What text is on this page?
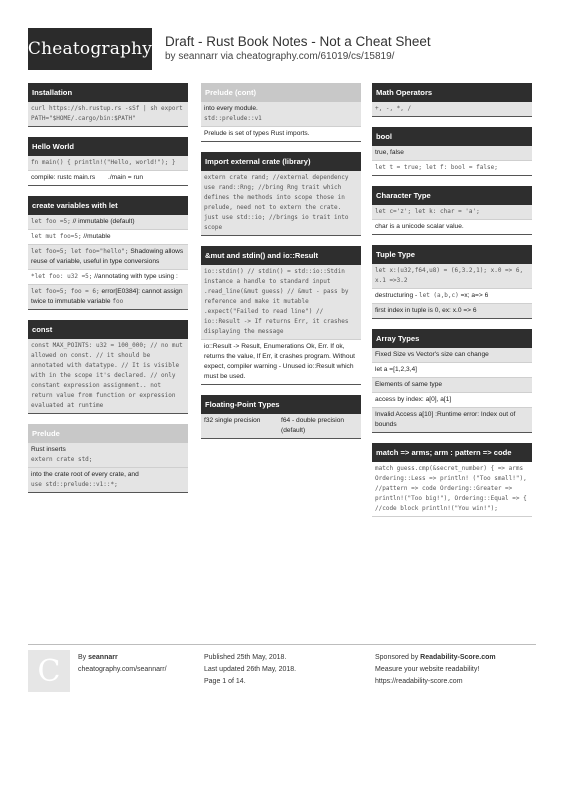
Cheatography Draft - Rust Book Notes - Not a Cheat Sheet
by seannarr via cheatography.com/61019/cs/15819/
Installation
curl https://sh.rustup.rs -sSf | sh export PATH="$HOME/.cargo/bin:$PATH"
Hello World
fn main() { println!("Hello, world!"); }
compile: rustc main.rs	./main = run
create variables with let
let foo =5; // immutable (default)
let mut foo=5; //mutable
let foo=5; let foo="hello"; Shadowing allows reuse of variable, useful in type conversions
*let foo: u32 =5; //annotating with type using :
let foo=5; foo = 6; error[E0384]: cannot assign twice to immutable variable foo
const
const MAX_POINTS: u32 = 100_000; // no mut allowed on const. // it should be annotated with datatype. // It is visible with in the scope it's declared. // only constant expression assignment.. not return value from function or expression evaluated at runtime
Prelude
Rust inserts
extern crate std;
into the crate root of every crate, and
use std::prelude::v1::*;
Prelude (cont)
into every module.
std::prelude::v1
Prelude is set of types Rust imports.
Import external crate (library)
extern crate rand; //external dependency use rand::Rng; //bring Rng trait which defines the methods into scope those in prelude, need not to extern the crate. just use std::io; //brings io trait into scope
&mut and stdin() and io::Result
io::stdin() // stdin() = std::io::Stdin instance a handle to standard input .read_line(&mut guess) // &mut - pass by reference and make it mutable .expect("Failed to read line") // io::Result -> If returns Err, it crashes displaying the message
io::Result -> Result, Enumerations Ok, Err. If ok, returns the value, If Err, it crashes program. Without expect, compiler warning - Unused io::Result which must be used.
Floating-Point Types
f32 single precision	f64 - double precision (default)
Math Operators
+, -, *, /
bool
true, false
let t = true; let f: bool = false;
Character Type
let c='z'; let k: char = 'a';
char is a unicode scalar value.
Tuple Type
let x:(u32,f64,u8) = (6,3.2,1); x.0 => 6, x.1 =>3.2
destructuring - let (a,b,c) =x; a=> 6
first index in tuple is 0, ex: x.0 => 6
Array Types
Fixed Size vs Vector's size can change
let a =[1,2,3,4]
Elements of same type
access by index: a[0], a[1]
Invalid Access a[10] :Runtime error: Index out of bounds
match => arms; arm : pattern => code
match guess.cmp(&secret_number) { => arms Ordering::Less => println! ("Too small!"), //pattern => code Ordering::Greater => println!("Too big!"), Ordering::Equal => { //code block println!("You win!");
C	By seannarr
cheatography.com/seannarr/
Published 25th May, 2018.
Last updated 26th May, 2018.
Page 1 of 14.
Sponsored by Readability-Score.com
Measure your website readability!
https://readability-score.com
